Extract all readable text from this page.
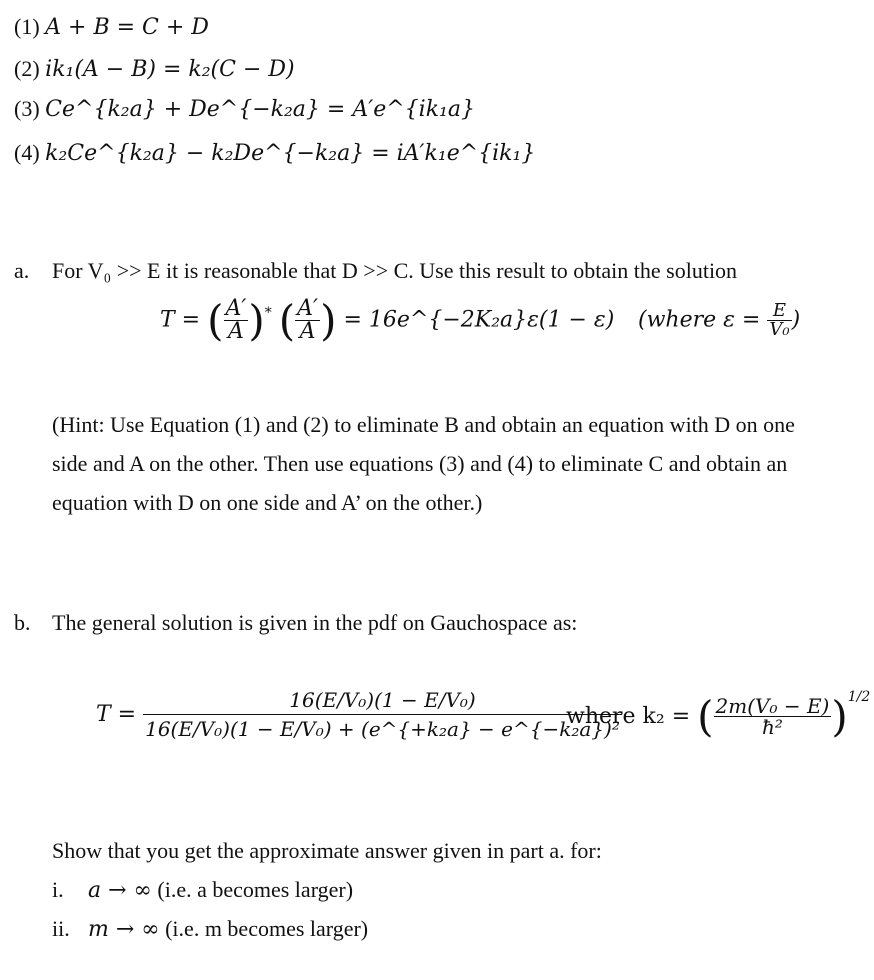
(1) A + B = C + D
(2) ik₁(A − B) = k₂(C − D)
(3) Ce^{k₂a} + De^{−k₂a} = A′e^{ik₁a}
(4) k₂Ce^{k₂a} − k₂De^{−k₂a} = iA′k₁e^{ik₁}
a. For V₀ >> E it is reasonable that D >> C. Use this result to obtain the solution
T = ( $\frac{A'}{A} )^*$ ( $\frac{A'}{A}$ ) = 16e^{−2K₂a}ε(1 − ε) (where $\varepsilon = \frac{E}{\text{V₀}}$ )
(Hint: Use Equation (1) and (2) to eliminate B and obtain an equation with D on one
side and A on the other. Then use equations (3) and (4) to eliminate C and obtain an
equation with D on one side and A’ on the other.)
b. The general solution is given in the pdf on Gauchospace as:
$T = \frac{\text{16(E/V₀)(1 − E/V₀)}}{\text{16(E/V₀)(1 − E/V₀) + (e\textasciicircum{}\{+k₂a\} − e\textasciicircum{}\{−k₂a\})²}}$
where k₂ = ( $\frac{\text{2m(V₀ − E)}}{\text{ħ²}} )^{1/2}$
Show that you get the approximate answer given in part a. for:
i. a → ∞ (i.e. a becomes larger)
ii. m → ∞ (i.e. m becomes larger)
